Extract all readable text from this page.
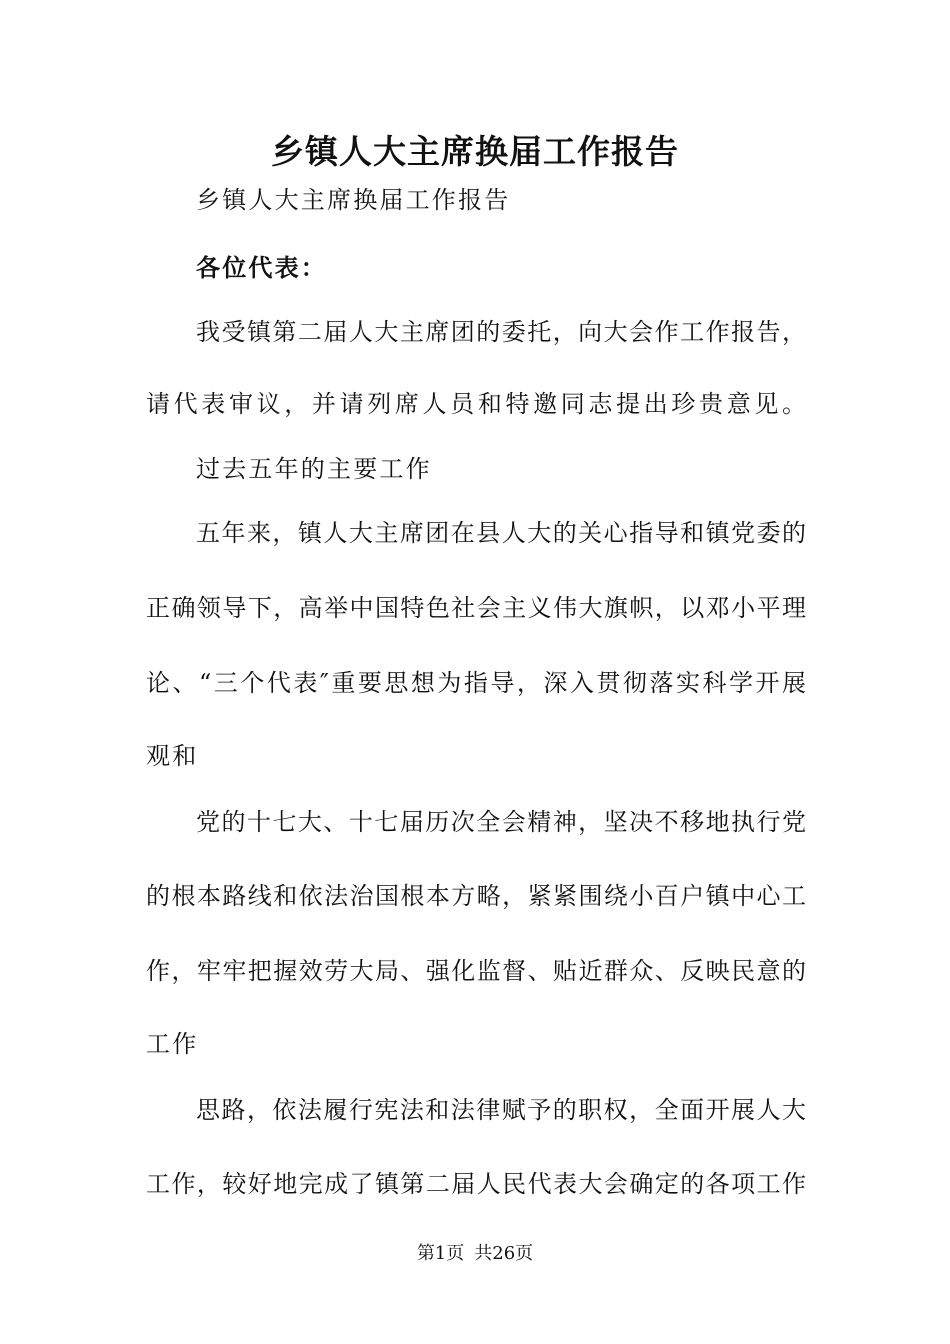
乡镇人大主席换届工作报告
乡镇人大主席换届工作报告
各位代表：
我受镇第二届人大主席团的委托，向大会作工作报告，
请代表审议，并请列席人员和特邀同志提出珍贵意见。
过去五年的主要工作
五年来，镇人大主席团在县人大的关心指导和镇党委的
正确领导下，高举中国特色社会主义伟大旗帜，以邓小平理
论、“三个代表″重要思想为指导，深入贯彻落实科学开展
观和
党的十七大、十七届历次全会精神，坚决不移地执行党
的根本路线和依法治国根本方略，紧紧围绕小百户镇中心工
作，牢牢把握效劳大局、强化监督、贴近群众、反映民意的
工作
思路，依法履行宪法和法律赋予的职权，全面开展人大
工作，较好地完成了镇第二届人民代表大会确定的各项工作
第1页 共26页
